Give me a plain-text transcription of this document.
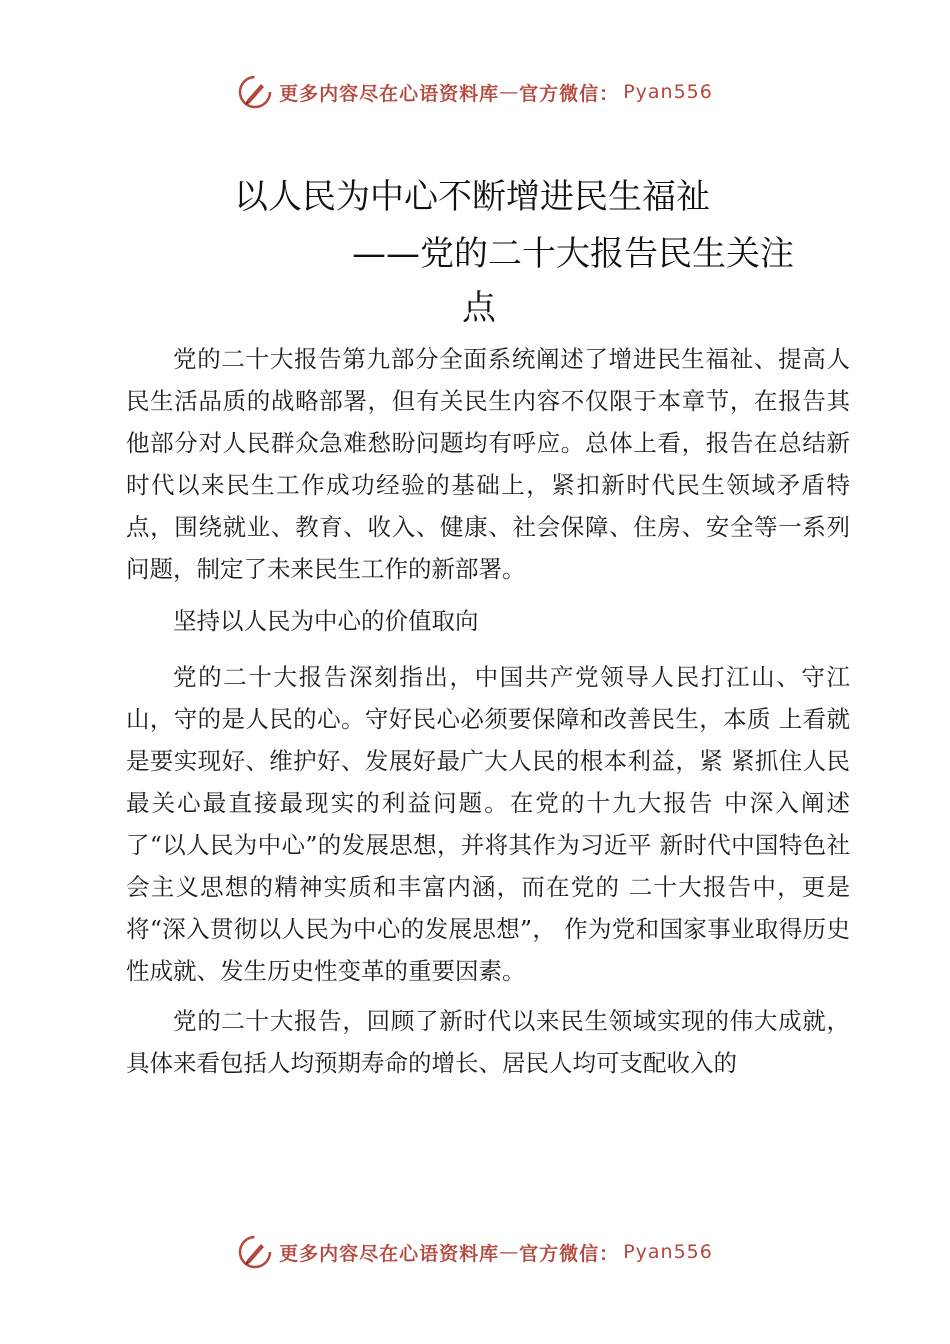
更多内容尽在心语资料库 — 官方微信： Pyan556
以人民为中心不断增进民生福祉
——党的二十大报告民生关注
点

党的二十大报告第九部分全面系统阐述了增进民生福祉、提高人民生活品质的战略部署，但有关民生内容不仅限于本章节，在报告其他部分对人民群众急难愁盼问题均有呼应。总体上看，报告在总结新时代以来民生工作成功经验的基础上，紧扣新时代民生领域矛盾特点，围绕就业、教育、收入、健康、社会保障、住房、安全等一系列问题，制定了未来民生工作的新部署。

坚持以人民为中心的价值取向

党的二十大报告深刻指出，中国共产党领导人民打江山、守江山，守的是人民的心。守好民心必须要保障和改善民生，本质 上看就是要实现好、维护好、发展好最广大人民的根本利益，紧 紧抓住人民最关心最直接最现实的利益问题。在党的十九大报告 中深入阐述了“以人民为中心”的发展思想，并将其作为习近平 新时代中国特色社会主义思想的精神实质和丰富内涵，而在党的 二十大报告中，更是将“深入贯彻以人民为中心的发展思想”， 作为党和国家事业取得历史性成就、发生历史性变革的重要因素。

党的二十大报告，回顾了新时代以来民生领域实现的伟大成就，具体来看包括人均预期寿命的增长、居民人均可支配收入的

更多内容尽在心语资料库 — 官方微信： Pyan556
